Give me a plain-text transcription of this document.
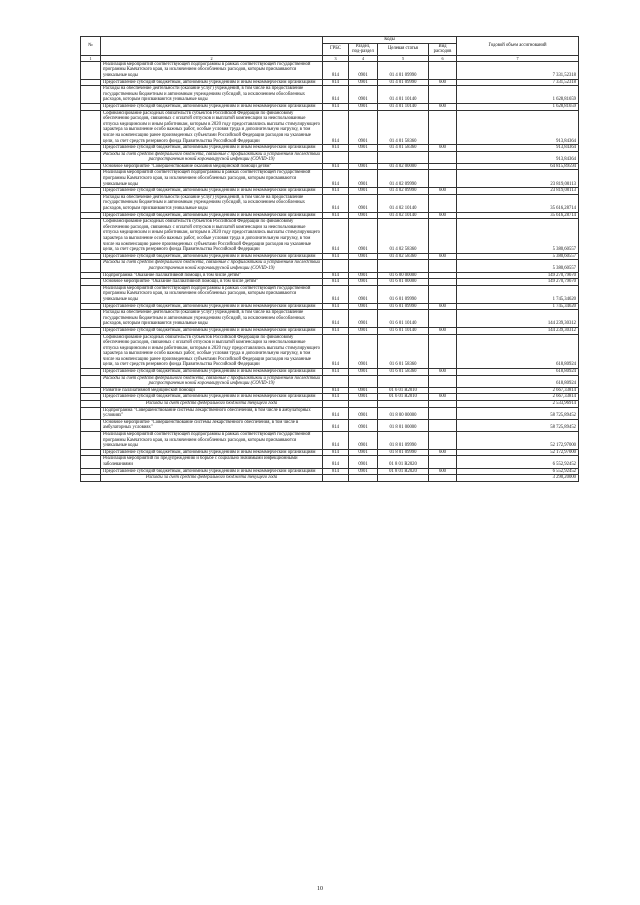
№		Коды				Годовой объем ассигнований
		ГРБС	Раздел, под-раздел	Целевая статья	Вид расходов	
1	2	3	4	5	6	7
	Реализация мероприятий соответствующей подпрограммы в рамках соответствующей государственной программы Камчатского края, за исключением обособленных расходов, которым присваиваются уникальные коды	814	0901	01 4 01 09990		7 331,52318
	Предоставление субсидий бюджетным, автономным учреждениям и иным некоммерческим организациям	814	0901	01 4 01 09990	600	7 331,52318
	Расходы на обеспечение деятельности (оказание услуг) учреждений, в том числе на предоставление государственным бюджетным и автономным учреждениям субсидий, за исключением обособленных расходов, которым присваиваются уникальные коды	814	0901	01 4 01 10140		1 628,81659
	Предоставление субсидий бюджетным, автономным учреждениям и иным некоммерческим организациям	814	0901	01 4 01 10140	600	1 628,81659
	Софинансирование расходных обязательств субъектов Российской Федерации по финансовому обеспечению расходов, связанных с оплатой отпусков и выплатой компенсации за неиспользованные отпуска медицинским и иным работникам, которым в 2020 году предоставлялись выплаты стимулирующего характера за выполнение особо важных работ, особые условия труда и дополнительную нагрузку, в том числе на компенсацию ранее произведенных субъектами Российской Федерации расходов на указанные цели, за счет средств резервного фонда Правительства Российской Федерации	814	0901	01 4 01 58360		913,84364
	Предоставление субсидий бюджетным, автономным учреждениям и иным некоммерческим организациям	814	0901	01 4 01 58360	600	913,84364
	Расходы за счет средств федерального бюджета, связанные с профилактикой и устранением последствий распространения новой коронавирусной инфекции (COVID-19)					913,84364
	Основное мероприятие "Совершенствование оказания медицинской помощи детям"	814	0901	01 4 02 00000		64 815,89594
	Реализация мероприятий соответствующей подпрограммы в рамках соответствующей государственной программы Камчатского края, за исключением обособленных расходов, которым присваиваются уникальные коды	814	0901	01 4 02 09990		23 819,00113
	Предоставление субсидий бюджетным, автономным учреждениям и иным некоммерческим организациям	814	0901	01 4 02 09990	600	23 819,00113
	Расходы на обеспечение деятельности (оказание услуг) учреждений, в том числе на предоставление государственным бюджетным и автономным учреждениям субсидий, за исключением обособленных расходов, которым присваиваются уникальные коды	814	0901	01 4 02 10140		35 616,28714
	Предоставление субсидий бюджетным, автономным учреждениям и иным некоммерческим организациям	814	0901	01 4 02 10140	600	35 616,28714
	Софинансирование расходных обязательств субъектов Российской Федерации по финансовому обеспечению расходов, связанных с оплатой отпусков и выплатой компенсации за неиспользованные отпуска медицинским и иным работникам, которым в 2020 году предоставлялись выплаты стимулирующего характера за выполнение особо важных работ, особые условия труда и дополнительную нагрузку, в том числе на компенсацию ранее произведенных субъектами Российской Федерации расходов на указанные цели, за счет средств резервного фонда Правительства Российской Федерации	814	0901	01 4 02 58360		5 380,60557
	Предоставление субсидий бюджетным, автономным учреждениям и иным некоммерческим организациям	814	0901	01 4 02 58360	600	5 380,60557
	Расходы за счет средств федерального бюджета, связанные с профилактикой и устранением последствий распространения новой коронавирусной инфекции (COVID-19)					5 380,60557
	Подпрограмма "Оказание паллиативной помощи, в том числе детям"	814	0901	01 6 00 00000		149 270,79670
	Основное мероприятие "Оказание паллиативной помощи, в том числе детям"	814	0901	01 6 01 00000		149 270,79670
	Реализация мероприятий соответствующей подпрограммы в рамках соответствующей государственной программы Камчатского края, за исключением обособленных расходов, которым присваиваются уникальные коды	814	0901	01 6 01 09990		1 745,34620
	Предоставление субсидий бюджетным, автономным учреждениям и иным некоммерческим организациям	814	0901	01 6 01 09990	600	1 745,34620
	Расходы на обеспечение деятельности (оказание услуг) учреждений, в том числе на предоставление государственным бюджетным и автономным учреждениям субсидий, за исключением обособленных расходов, которым присваиваются уникальные коды	814	0901	01 6 01 10140		144 239,30312
	Предоставление субсидий бюджетным, автономным учреждениям и иным некоммерческим организациям	814	0901	01 6 01 10140	600	144 239,30312
	Софинансирование расходных обязательств субъектов Российской Федерации по финансовому обеспечению расходов, связанных с оплатой отпусков и выплатой компенсации за неиспользованные отпуска медицинским и иным работникам, которым в 2020 году предоставлялись выплаты стимулирующего характера за выполнение особо важных работ, особые условия труда и дополнительную нагрузку, в том числе на компенсацию ранее произведенных субъектами Российской Федерации расходов на указанные цели, за счет средств резервного фонда Правительства Российской Федерации	814	0901	01 6 01 58360		618,80924
	Предоставление субсидий бюджетным, автономным учреждениям и иным некоммерческим организациям	814	0901	01 6 01 58360	600	618,80924
	Расходы за счет средств федерального бюджета, связанные с профилактикой и устранением последствий распространения новой коронавирусной инфекции (COVID-19)					618,80924
	Развитие паллиативной медицинской помощи	814	0901	01 6 01 R2010		2 667,33814
	Предоставление субсидий бюджетным, автономным учреждениям и иным некоммерческим организациям	814	0901	01 6 01 R2010	600	2 667,33814
	Расходы за счет средств федерального бюджета текущего года					2 533,96914
	Подпрограмма "Совершенствование системы лекарственного обеспечения, в том числе в амбулаторных условиях"	814	0901	01 8 00 00000		58 725,89452
	Основное мероприятие "Совершенствование системы лекарственного обеспечения, в том числе в амбулаторных условиях"	814	0901	01 8 01 00000		58 725,89452
	Реализация мероприятий соответствующей подпрограммы в рамках соответствующей государственной программы Камчатского края, за исключением обособленных расходов, которым присваиваются уникальные коды	814	0901	01 8 01 09990		52 172,97000
	Предоставление субсидий бюджетным, автономным учреждениям и иным некоммерческим организациям	814	0901	01 8 01 09990	600	52 172,97000
	Реализация мероприятий по предупреждению и борьбе с социально значимыми инфекционными заболеваниями	814	0901	01 8 01 R2020		6 552,92452
	Предоставление субсидий бюджетным, автономным учреждениям и иным некоммерческим организациям	814	0901	01 8 01 R2020	600	6 552,92452
	Расходы за счет средств федерального бюджета текущего года					3 290,20000
10
